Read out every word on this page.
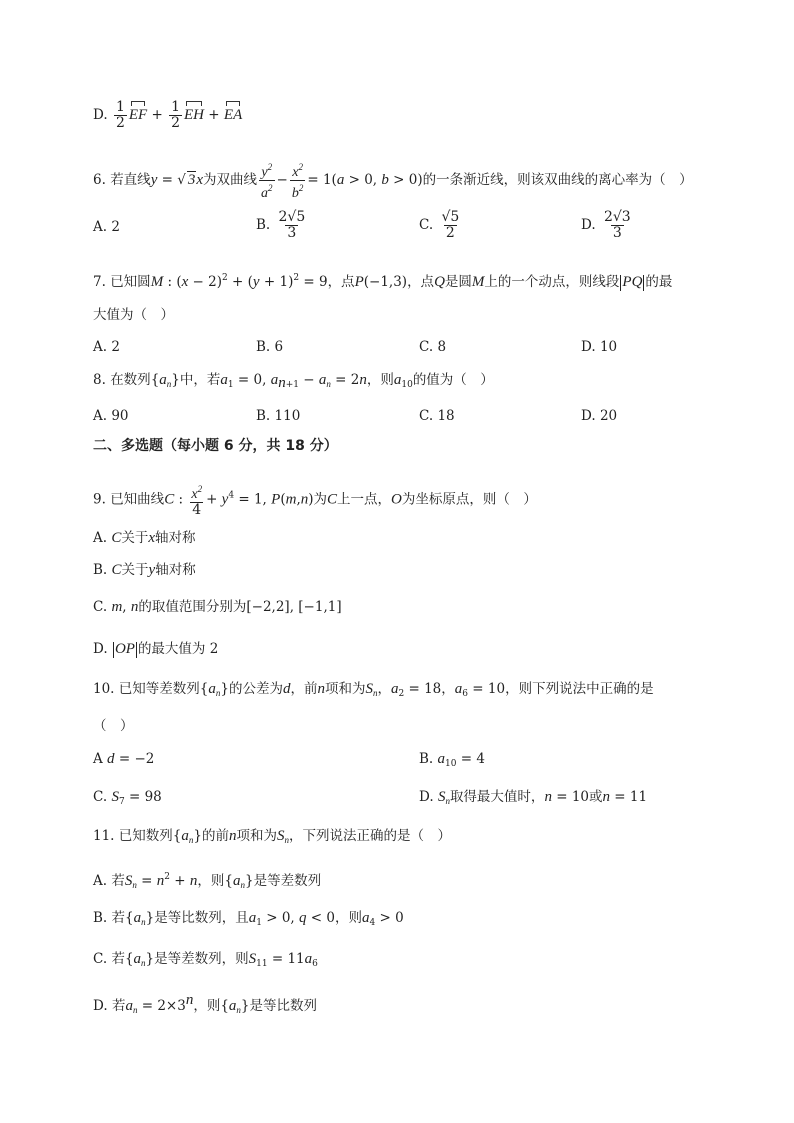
D. $\frac{1}{2}$ EF + $\frac{1}{2}$ EH + EA
6. 若直线y = √ 3x为双曲线 $\frac{y^2}{a^2} - \frac{x^2}{b^2} = 1(a > 0$, b > 0)的一条渐近线，则该双曲线的离心率为（　）
A. 2	B. $\frac{2√5}{3}$	C. $\frac{√5}{2}$	D. $\frac{2√3}{3}$
7. 已知圆M : $(x - 2)^2 + (y + 1)^2 = 9$，点P(−1,3)，点Q是圆M上的一个动点，则线段 PQ 的最
大值为（　）
A. 2	B. 6	C. 8	D. 10
8. 在数列$\{a_n\}$中，若$a_1 = 0$, $a_{n+1} - a_n = 2n$，则$a_{10}$的值为（　）
A. 90	B. 110	C. 18	D. 20
二、多选题（每小题 6 分，共 18 分）
9. 已知曲线C : $\frac{x^2}{4} + y^4 = 1$, P(m,n)为C上一点，O为坐标原点，则（　）
A. C关于x轴对称
B. C关于y轴对称
C. m, n的取值范围分别为[−2,2], [−1,1]
D. OP 的最大值为 2
10. 已知等差数列$\{a_n\}$的公差为d，前n项和为$S_n$，$a_2 = 18$，$a_6 = 10$，则下列说法中正确的是
（　）
A d = −2	B. $a_{10} = 4$
C. $S_7 = 98$	D. $S_n$取得最大值时，n = 10或n = 11
11. 已知数列$\{a_n\}$的前n项和为$S_n$，下列说法正确的是（　）
A. 若$S_n = n^2 + n$，则$\{a_n\}$是等差数列
B. 若$\{a_n\}$是等比数列，且$a_1 > 0$, q < 0，则$a_4 > 0$
C. 若$\{a_n\}$是等差数列，则$S_{11} = 11a_6$
D. 若$a_n = 2\times 3^n$，则$\{a_n\}$是等比数列
